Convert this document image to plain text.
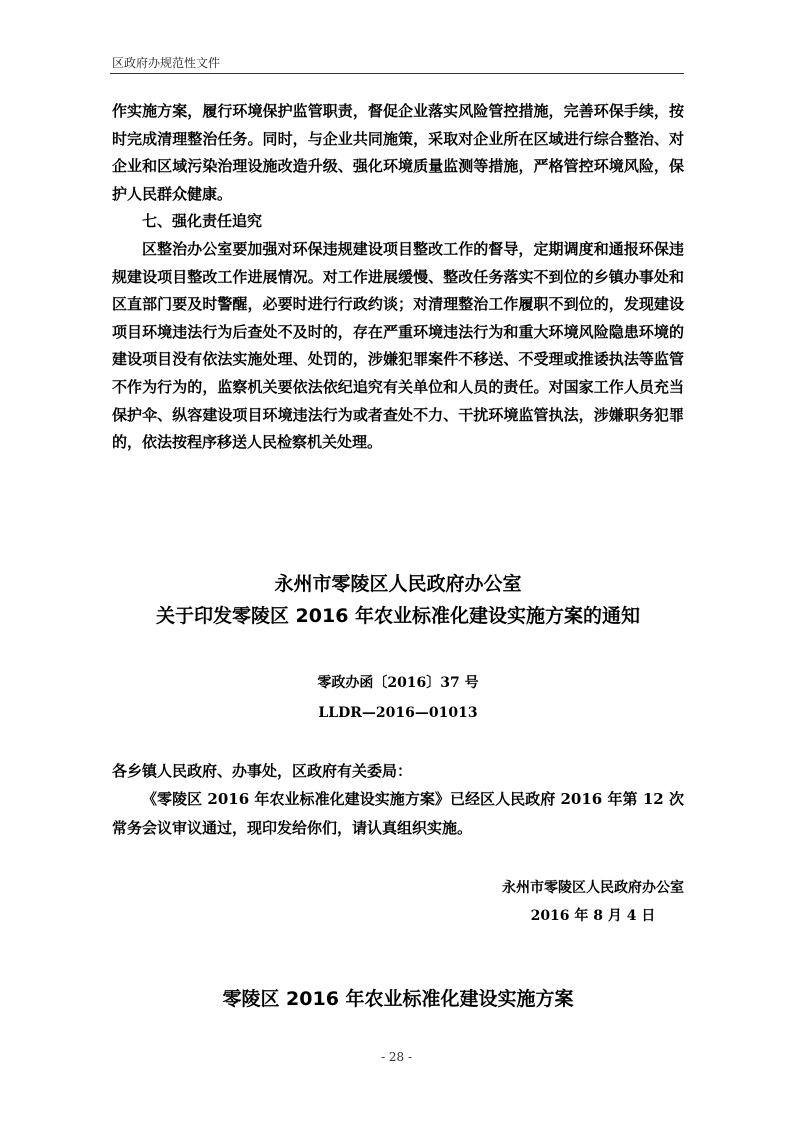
区政府办规范性文件

作实施方案，履行环境保护监管职责，督促企业落实风险管控措施，完善环保手续，按时完成清理整治任务。同时，与企业共同施策，采取对企业所在区域进行综合整治、对企业和区域污染治理设施改造升级、强化环境质量监测等措施，严格管控环境风险，保护人民群众健康。

七、强化责任追究

区整治办公室要加强对环保违规建设项目整改工作的督导，定期调度和通报环保违规建设项目整改工作进展情况。对工作进展缓慢、整改任务落实不到位的乡镇办事处和区直部门要及时警醒，必要时进行行政约谈；对清理整治工作履职不到位的，发现建设项目环境违法行为后查处不及时的，存在严重环境违法行为和重大环境风险隐患环境的建设项目没有依法实施处理、处罚的，涉嫌犯罪案件不移送、不受理或推诿执法等监管不作为行为的，监察机关要依法依纪追究有关单位和人员的责任。对国家工作人员充当保护伞、纵容建设项目环境违法行为或者查处不力、干扰环境监管执法，涉嫌职务犯罪的，依法按程序移送人民检察机关处理。

永州市零陵区人民政府办公室
关于印发零陵区 2016 年农业标准化建设实施方案的通知
零政办函〔2016〕37 号
LLDR—2016—01013
各乡镇人民政府、办事处，区政府有关委局：

《零陵区 2016 年农业标准化建设实施方案》已经区人民政府 2016 年第 12 次常务会议审议通过，现印发给你们，请认真组织实施。

永州市零陵区人民政府办公室
2016 年 8 月 4 日
零陵区 2016 年农业标准化建设实施方案
- 28 -
